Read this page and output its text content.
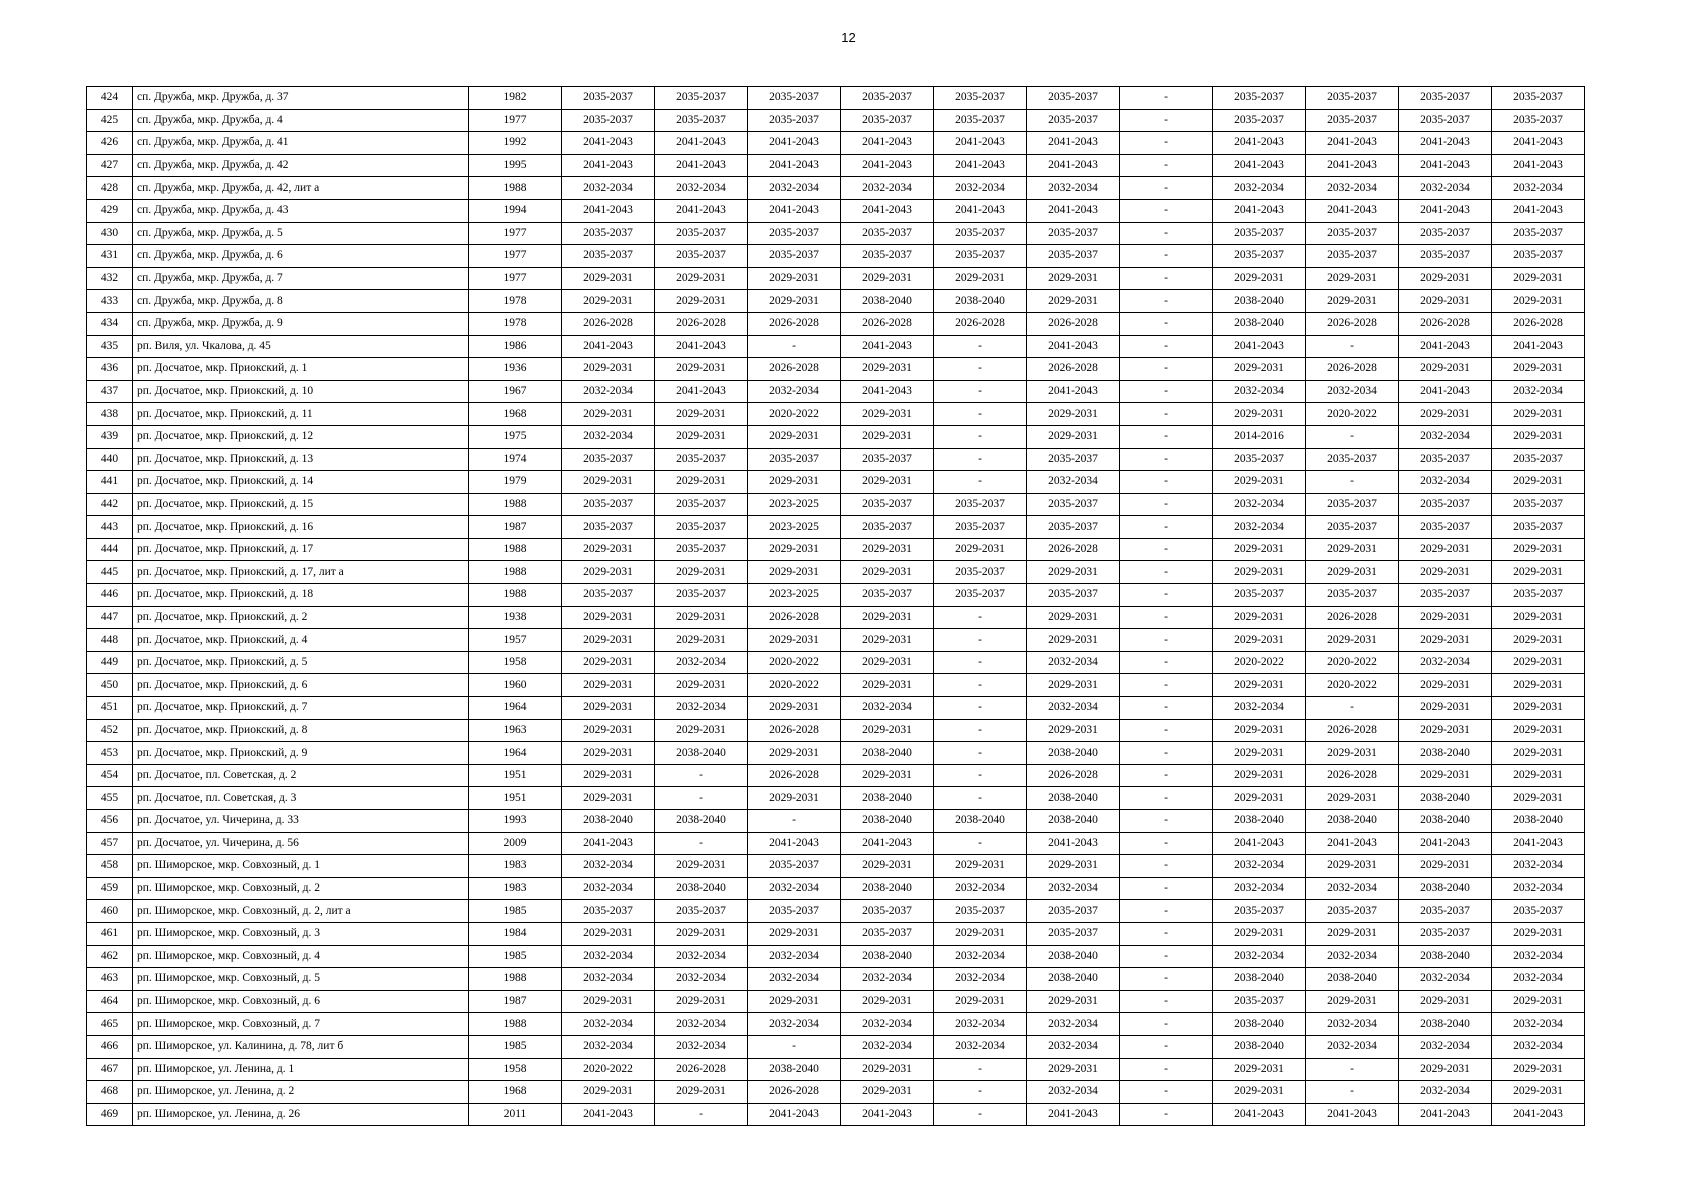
12
424	сп. Дружба, мкр. Дружба, д. 37	1982	2035-2037	2035-2037	2035-2037	2035-2037	2035-2037	2035-2037	-	2035-2037	2035-2037	2035-2037	2035-2037
425	сп. Дружба, мкр. Дружба, д. 4	1977	2035-2037	2035-2037	2035-2037	2035-2037	2035-2037	2035-2037	-	2035-2037	2035-2037	2035-2037	2035-2037
426	сп. Дружба, мкр. Дружба, д. 41	1992	2041-2043	2041-2043	2041-2043	2041-2043	2041-2043	2041-2043	-	2041-2043	2041-2043	2041-2043	2041-2043
427	сп. Дружба, мкр. Дружба, д. 42	1995	2041-2043	2041-2043	2041-2043	2041-2043	2041-2043	2041-2043	-	2041-2043	2041-2043	2041-2043	2041-2043
428	сп. Дружба, мкр. Дружба, д. 42, лит а	1988	2032-2034	2032-2034	2032-2034	2032-2034	2032-2034	2032-2034	-	2032-2034	2032-2034	2032-2034	2032-2034
429	сп. Дружба, мкр. Дружба, д. 43	1994	2041-2043	2041-2043	2041-2043	2041-2043	2041-2043	2041-2043	-	2041-2043	2041-2043	2041-2043	2041-2043
430	сп. Дружба, мкр. Дружба, д. 5	1977	2035-2037	2035-2037	2035-2037	2035-2037	2035-2037	2035-2037	-	2035-2037	2035-2037	2035-2037	2035-2037
431	сп. Дружба, мкр. Дружба, д. 6	1977	2035-2037	2035-2037	2035-2037	2035-2037	2035-2037	2035-2037	-	2035-2037	2035-2037	2035-2037	2035-2037
432	сп. Дружба, мкр. Дружба, д. 7	1977	2029-2031	2029-2031	2029-2031	2029-2031	2029-2031	2029-2031	-	2029-2031	2029-2031	2029-2031	2029-2031
433	сп. Дружба, мкр. Дружба, д. 8	1978	2029-2031	2029-2031	2029-2031	2038-2040	2038-2040	2029-2031	-	2038-2040	2029-2031	2029-2031	2029-2031
434	сп. Дружба, мкр. Дружба, д. 9	1978	2026-2028	2026-2028	2026-2028	2026-2028	2026-2028	2026-2028	-	2038-2040	2026-2028	2026-2028	2026-2028
435	рп. Виля, ул. Чкалова, д. 45	1986	2041-2043	2041-2043	-	2041-2043	-	2041-2043	-	2041-2043	-	2041-2043	2041-2043
436	рп. Досчатое, мкр. Приокский, д. 1	1936	2029-2031	2029-2031	2026-2028	2029-2031	-	2026-2028	-	2029-2031	2026-2028	2029-2031	2029-2031
437	рп. Досчатое, мкр. Приокский, д. 10	1967	2032-2034	2041-2043	2032-2034	2041-2043	-	2041-2043	-	2032-2034	2032-2034	2041-2043	2032-2034
438	рп. Досчатое, мкр. Приокский, д. 11	1968	2029-2031	2029-2031	2020-2022	2029-2031	-	2029-2031	-	2029-2031	2020-2022	2029-2031	2029-2031
439	рп. Досчатое, мкр. Приокский, д. 12	1975	2032-2034	2029-2031	2029-2031	2029-2031	-	2029-2031	-	2014-2016	-	2032-2034	2029-2031
440	рп. Досчатое, мкр. Приокский, д. 13	1974	2035-2037	2035-2037	2035-2037	2035-2037	-	2035-2037	-	2035-2037	2035-2037	2035-2037	2035-2037
441	рп. Досчатое, мкр. Приокский, д. 14	1979	2029-2031	2029-2031	2029-2031	2029-2031	-	2032-2034	-	2029-2031	-	2032-2034	2029-2031
442	рп. Досчатое, мкр. Приокский, д. 15	1988	2035-2037	2035-2037	2023-2025	2035-2037	2035-2037	2035-2037	-	2032-2034	2035-2037	2035-2037	2035-2037
443	рп. Досчатое, мкр. Приокский, д. 16	1987	2035-2037	2035-2037	2023-2025	2035-2037	2035-2037	2035-2037	-	2032-2034	2035-2037	2035-2037	2035-2037
444	рп. Досчатое, мкр. Приокский, д. 17	1988	2029-2031	2035-2037	2029-2031	2029-2031	2029-2031	2026-2028	-	2029-2031	2029-2031	2029-2031	2029-2031
445	рп. Досчатое, мкр. Приокский, д. 17, лит а	1988	2029-2031	2029-2031	2029-2031	2029-2031	2035-2037	2029-2031	-	2029-2031	2029-2031	2029-2031	2029-2031
446	рп. Досчатое, мкр. Приокский, д. 18	1988	2035-2037	2035-2037	2023-2025	2035-2037	2035-2037	2035-2037	-	2035-2037	2035-2037	2035-2037	2035-2037
447	рп. Досчатое, мкр. Приокский, д. 2	1938	2029-2031	2029-2031	2026-2028	2029-2031	-	2029-2031	-	2029-2031	2026-2028	2029-2031	2029-2031
448	рп. Досчатое, мкр. Приокский, д. 4	1957	2029-2031	2029-2031	2029-2031	2029-2031	-	2029-2031	-	2029-2031	2029-2031	2029-2031	2029-2031
449	рп. Досчатое, мкр. Приокский, д. 5	1958	2029-2031	2032-2034	2020-2022	2029-2031	-	2032-2034	-	2020-2022	2020-2022	2032-2034	2029-2031
450	рп. Досчатое, мкр. Приокский, д. 6	1960	2029-2031	2029-2031	2020-2022	2029-2031	-	2029-2031	-	2029-2031	2020-2022	2029-2031	2029-2031
451	рп. Досчатое, мкр. Приокский, д. 7	1964	2029-2031	2032-2034	2029-2031	2032-2034	-	2032-2034	-	2032-2034	-	2029-2031	2029-2031
452	рп. Досчатое, мкр. Приокский, д. 8	1963	2029-2031	2029-2031	2026-2028	2029-2031	-	2029-2031	-	2029-2031	2026-2028	2029-2031	2029-2031
453	рп. Досчатое, мкр. Приокский, д. 9	1964	2029-2031	2038-2040	2029-2031	2038-2040	-	2038-2040	-	2029-2031	2029-2031	2038-2040	2029-2031
454	рп. Досчатое, пл. Советская, д. 2	1951	2029-2031	-	2026-2028	2029-2031	-	2026-2028	-	2029-2031	2026-2028	2029-2031	2029-2031
455	рп. Досчатое, пл. Советская, д. 3	1951	2029-2031	-	2029-2031	2038-2040	-	2038-2040	-	2029-2031	2029-2031	2038-2040	2029-2031
456	рп. Досчатое, ул. Чичерина, д. 33	1993	2038-2040	2038-2040	-	2038-2040	2038-2040	2038-2040	-	2038-2040	2038-2040	2038-2040	2038-2040
457	рп. Досчатое, ул. Чичерина, д. 56	2009	2041-2043	-	2041-2043	2041-2043	-	2041-2043	-	2041-2043	2041-2043	2041-2043	2041-2043
458	рп. Шиморское, мкр. Совхозный, д. 1	1983	2032-2034	2029-2031	2035-2037	2029-2031	2029-2031	2029-2031	-	2032-2034	2029-2031	2029-2031	2032-2034
459	рп. Шиморское, мкр. Совхозный, д. 2	1983	2032-2034	2038-2040	2032-2034	2038-2040	2032-2034	2032-2034	-	2032-2034	2032-2034	2038-2040	2032-2034
460	рп. Шиморское, мкр. Совхозный, д. 2, лит а	1985	2035-2037	2035-2037	2035-2037	2035-2037	2035-2037	2035-2037	-	2035-2037	2035-2037	2035-2037	2035-2037
461	рп. Шиморское, мкр. Совхозный, д. 3	1984	2029-2031	2029-2031	2029-2031	2035-2037	2029-2031	2035-2037	-	2029-2031	2029-2031	2035-2037	2029-2031
462	рп. Шиморское, мкр. Совхозный, д. 4	1985	2032-2034	2032-2034	2032-2034	2038-2040	2032-2034	2038-2040	-	2032-2034	2032-2034	2038-2040	2032-2034
463	рп. Шиморское, мкр. Совхозный, д. 5	1988	2032-2034	2032-2034	2032-2034	2032-2034	2032-2034	2038-2040	-	2038-2040	2038-2040	2032-2034	2032-2034
464	рп. Шиморское, мкр. Совхозный, д. 6	1987	2029-2031	2029-2031	2029-2031	2029-2031	2029-2031	2029-2031	-	2035-2037	2029-2031	2029-2031	2029-2031
465	рп. Шиморское, мкр. Совхозный, д. 7	1988	2032-2034	2032-2034	2032-2034	2032-2034	2032-2034	2032-2034	-	2038-2040	2032-2034	2038-2040	2032-2034
466	рп. Шиморское, ул. Калинина, д. 78, лит б	1985	2032-2034	2032-2034	-	2032-2034	2032-2034	2032-2034	-	2038-2040	2032-2034	2032-2034	2032-2034
467	рп. Шиморское, ул. Ленина, д. 1	1958	2020-2022	2026-2028	2038-2040	2029-2031	-	2029-2031	-	2029-2031	-	2029-2031	2029-2031
468	рп. Шиморское, ул. Ленина, д. 2	1968	2029-2031	2029-2031	2026-2028	2029-2031	-	2032-2034	-	2029-2031	-	2032-2034	2029-2031
469	рп. Шиморское, ул. Ленина, д. 26	2011	2041-2043	-	2041-2043	2041-2043	-	2041-2043	-	2041-2043	2041-2043	2041-2043	2041-2043
